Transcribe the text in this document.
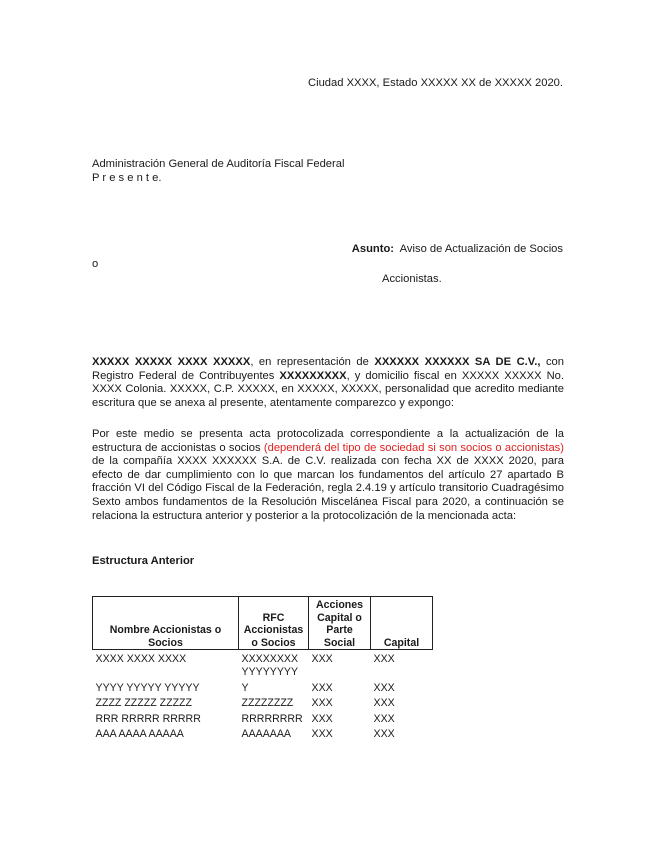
Ciudad XXXX, Estado XXXXX XX de XXXXX 2020.
Administración General de Auditoría Fiscal Federal
P r e s e n t e.
Asunto: Aviso de Actualización de Socios
o
Accionistas.
XXXXX XXXXX XXXX XXXXX, en representación de XXXXXX XXXXXX SA DE C.V., con Registro Federal de Contribuyentes XXXXXXXXX, y domicilio fiscal en XXXXX XXXXX No. XXXX Colonia. XXXXX, C.P. XXXXX, en XXXXX, XXXXX, personalidad que acredito mediante escritura que se anexa al presente, atentamente comparezco y expongo:
Por este medio se presenta acta protocolizada correspondiente a la actualización de la estructura de accionistas o socios (dependerá del tipo de sociedad si son socios o accionistas) de la compañía XXXX XXXXXX S.A. de C.V. realizada con fecha XX de XXXX 2020, para efecto de dar cumplimiento con lo que marcan los fundamentos del artículo 27 apartado B fracción VI del Código Fiscal de la Federación, regla 2.4.19 y artículo transitorio Cuadragésimo Sexto ambos fundamentos de la Resolución Miscelánea Fiscal para 2020, a continuación se relaciona la estructura anterior y posterior a la protocolización de la mencionada acta:
Estructura Anterior
Nombre Accionistas o Socios	RFC Accionistas o Socios	Acciones Capital o Parte Social	Capital
XXXX XXXX XXXX	XXXXXXXX YYYYYYYY	XXX	XXX
YYYY YYYYY YYYYY	Y	XXX	XXX
ZZZZ ZZZZZ ZZZZZ	ZZZZZZZZ	XXX	XXX
RRR RRRRR RRRRR	RRRRRRRR	XXX	XXX
AAA AAAA AAAAA	AAAAAAA	XXX	XXX
